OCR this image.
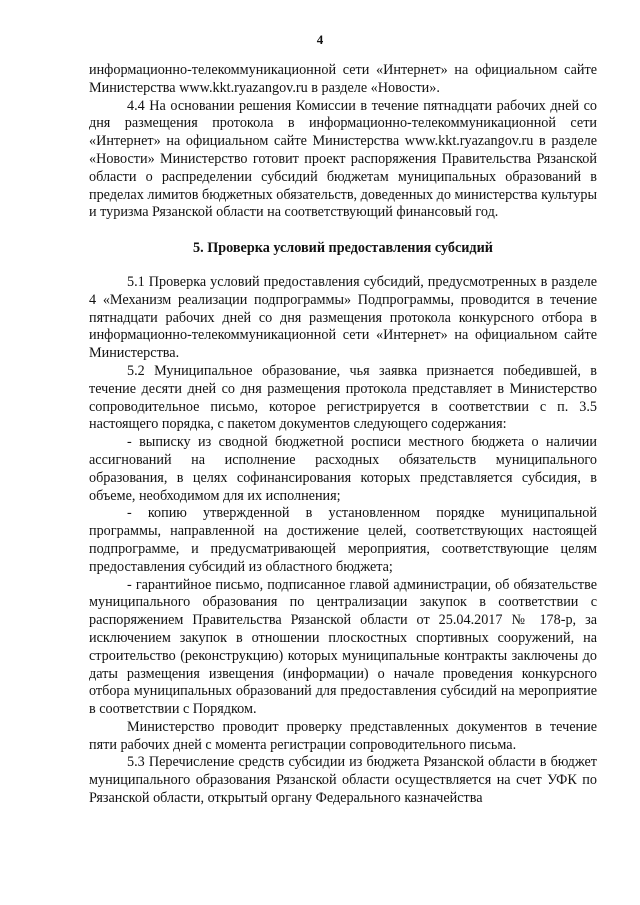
4

информационно-телекоммуникационной сети «Интернет» на официальном сайте Министерства www.kkt.ryazangov.ru в разделе «Новости».

4.4 На основании решения Комиссии в течение пятнадцати рабочих дней со дня размещения протокола в информационно-телекоммуникационной сети «Интернет» на официальном сайте Министерства www.kkt.ryazangov.ru в разделе «Новости» Министерство готовит проект распоряжения Правительства Рязанской области о распределении субсидий бюджетам муниципальных образований в пределах лимитов бюджетных обязательств, доведенных до министерства культуры и туризма Рязанской области на соответствующий финансовый год.

5. Проверка условий предоставления субсидий

5.1 Проверка условий предоставления субсидий, предусмотренных в разделе 4 «Механизм реализации подпрограммы» Подпрограммы, проводится в течение пятнадцати рабочих дней со дня размещения протокола конкурсного отбора в информационно-телекоммуникационной сети «Интернет» на официальном сайте Министерства.

5.2 Муниципальное образование, чья заявка признается победившей, в течение десяти дней со дня размещения протокола представляет в Министерство сопроводительное письмо, которое регистрируется в соответствии с п. 3.5 настоящего порядка, с пакетом документов следующего содержания:

- выписку из сводной бюджетной росписи местного бюджета о наличии ассигнований на исполнение расходных обязательств муниципального образования, в целях софинансирования которых представляется субсидия, в объеме, необходимом для их исполнения;

- копию утвержденной в установленном порядке муниципальной программы, направленной на достижение целей, соответствующих настоящей подпрограмме, и предусматривающей мероприятия, соответствующие целям предоставления субсидий из областного бюджета;

- гарантийное письмо, подписанное главой администрации, об обязательстве муниципального образования по централизации закупок в соответствии с распоряжением Правительства Рязанской области от 25.04.2017 № 178-р, за исключением закупок в отношении плоскостных спортивных сооружений, на строительство (реконструкцию) которых муниципальные контракты заключены до даты размещения извещения (информации) о начале проведения конкурсного отбора муниципальных образований для предоставления субсидий на мероприятие в соответствии с Порядком.

Министерство проводит проверку представленных документов в течение пяти рабочих дней с момента регистрации сопроводительного письма.

5.3 Перечисление средств субсидии из бюджета Рязанской области в бюджет муниципального образования Рязанской области осуществляется на счет УФК по Рязанской области, открытый органу Федерального казначейства
